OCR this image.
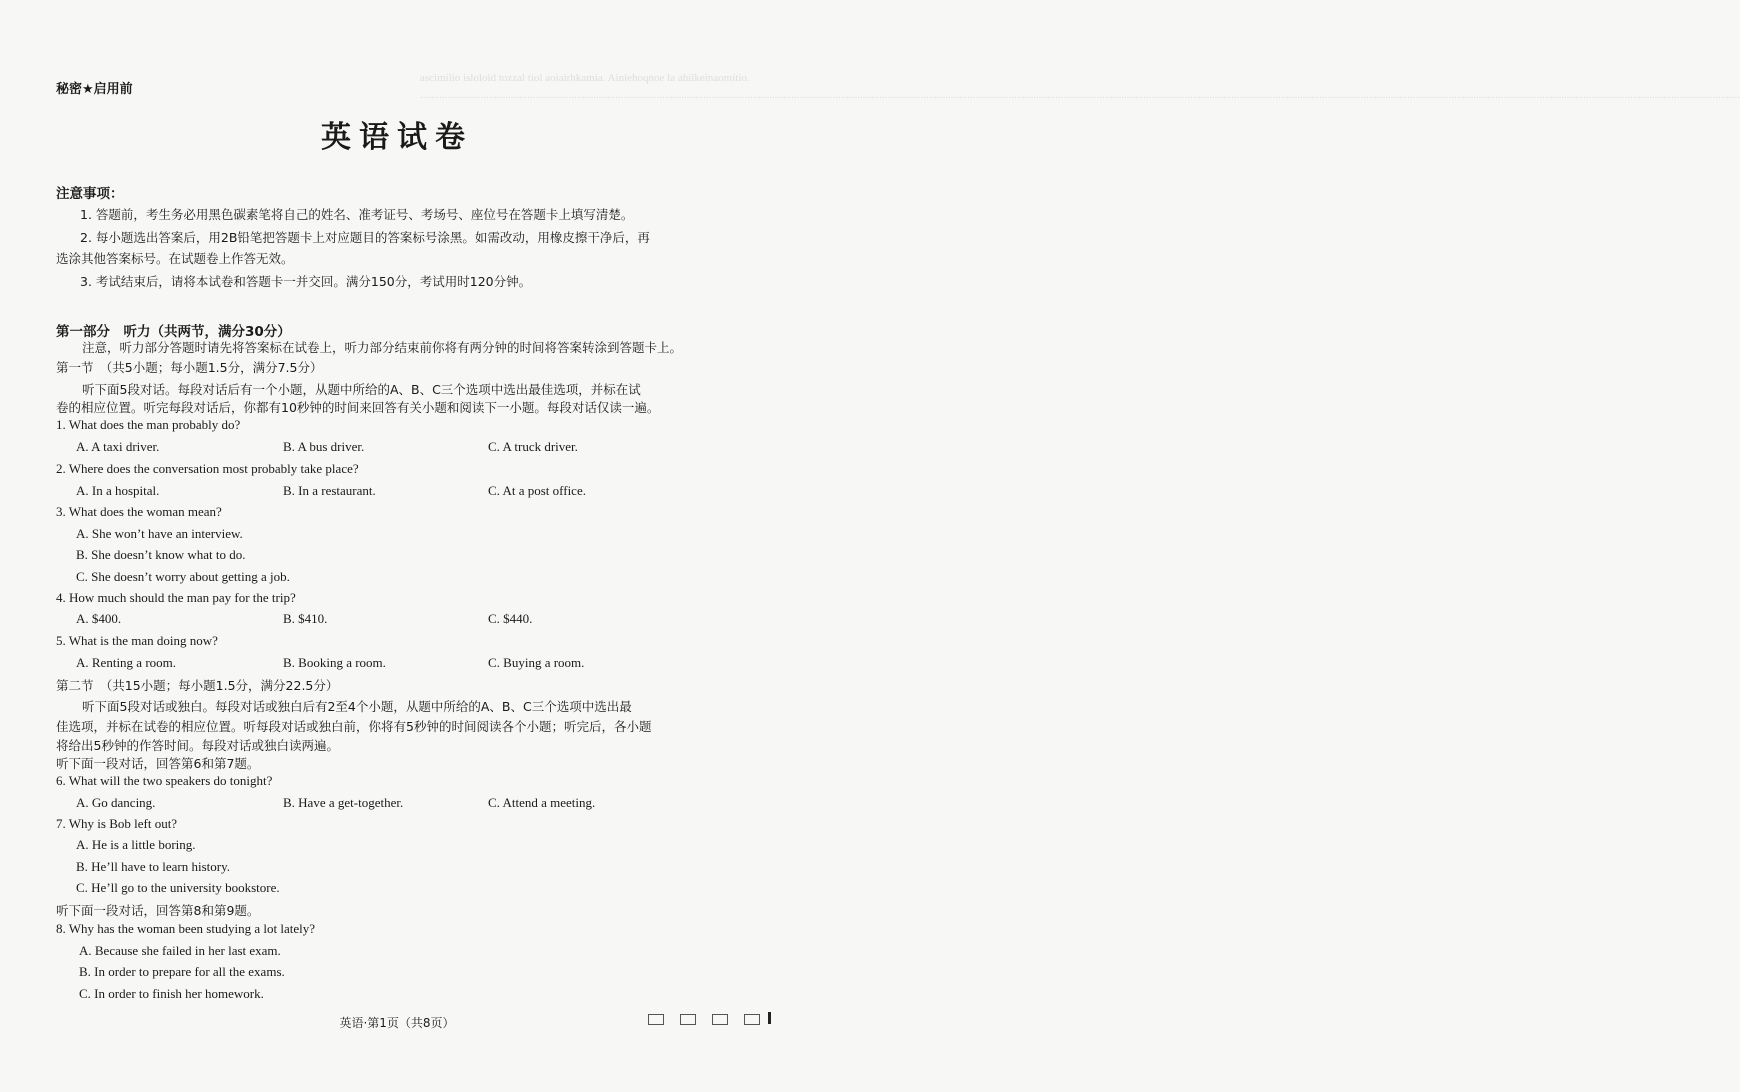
ascimilio isloloid tozzal tiol aoiairhkamia. Ainiehoqnoe la ahiikeinaomitio. ................................................................................................................................................................................................................................................................................................................................................................................................................................................................................................
秘密★启用前
英语试卷
注意事项：
1. 答题前，考生务必用黑色碳素笔将自己的姓名、准考证号、考场号、座位号在答题卡上填写清楚。
2. 每小题选出答案后，用2B铅笔把答题卡上对应题目的答案标号涂黑。如需改动，用橡皮擦干净后，再
选涂其他答案标号。在试题卷上作答无效。
3. 考试结束后，请将本试卷和答题卡一并交回。满分150分，考试用时120分钟。
第一部分　听力（共两节，满分30分）
注意，听力部分答题时请先将答案标在试卷上，听力部分结束前你将有两分钟的时间将答案转涂到答题卡上。
第一节　（共5小题；每小题1.5分，满分7.5分）
听下面5段对话。每段对话后有一个小题，从题中所给的A、B、C三个选项中选出最佳选项，并标在试
卷的相应位置。听完每段对话后，你都有10秒钟的时间来回答有关小题和阅读下一小题。每段对话仅读一遍。
1. What does the man probably do?
A. A taxi driver.	B. A bus driver.	C. A truck driver.
2. Where does the conversation most probably take place?
A. In a hospital.	B. In a restaurant.	C. At a post office.
3. What does the woman mean?
A. She won’t have an interview.
B. She doesn’t know what to do.
C. She doesn’t worry about getting a job.
4. How much should the man pay for the trip?
A. $400.	B. $410.	C. $440.
5. What is the man doing now?
A. Renting a room.	B. Booking a room.	C. Buying a room.
第二节　（共15小题；每小题1.5分，满分22.5分）
听下面5段对话或独白。每段对话或独白后有2至4个小题，从题中所给的A、B、C三个选项中选出最
佳选项，并标在试卷的相应位置。听每段对话或独白前，你将有5秒钟的时间阅读各个小题；听完后，各小题
将给出5秒钟的作答时间。每段对话或独白读两遍。
听下面一段对话，回答第6和第7题。
6. What will the two speakers do tonight?
A. Go dancing.	B. Have a get-together.	C. Attend a meeting.
7. Why is Bob left out?
A. He is a little boring.
B. He’ll have to learn history.
C. He’ll go to the university bookstore.
听下面一段对话，回答第8和第9题。
8. Why has the woman been studying a lot lately?
A. Because she failed in her last exam.
B. In order to prepare for all the exams.
C. In order to finish her homework.
英语·第1页（共8页）
